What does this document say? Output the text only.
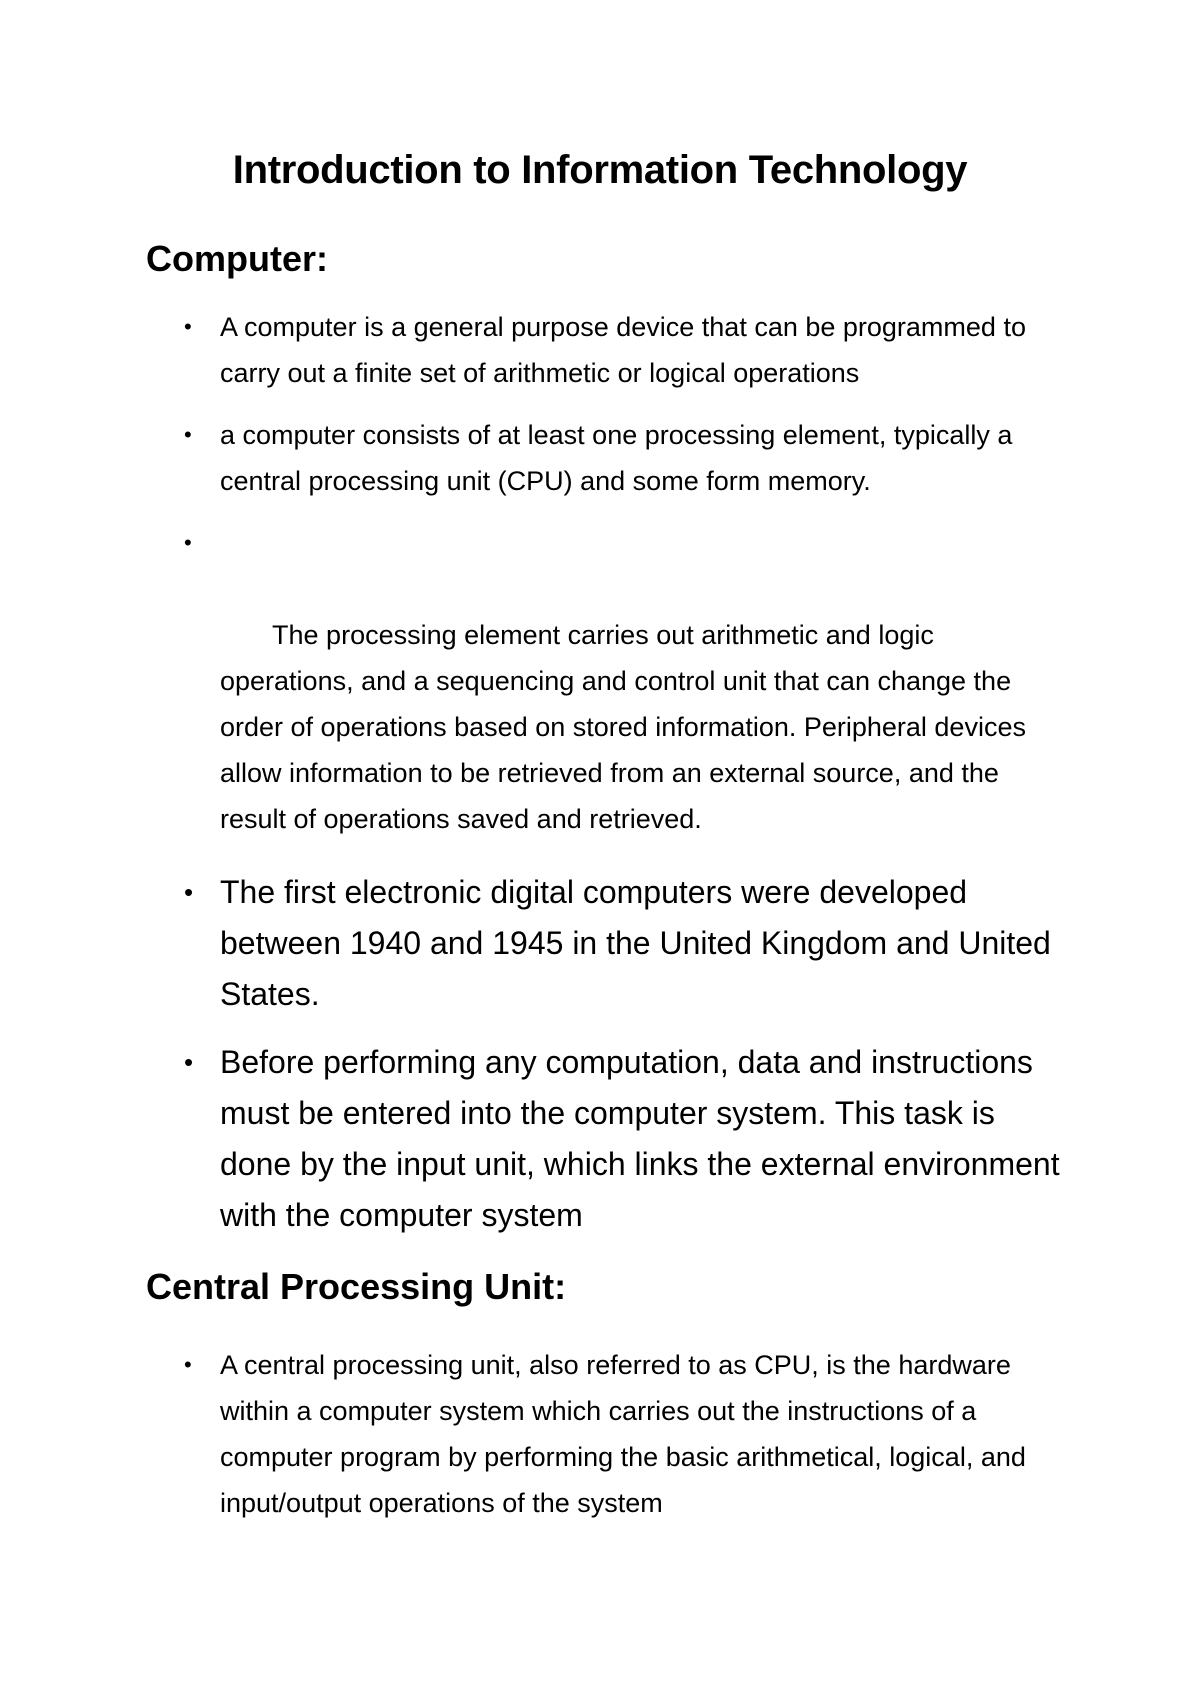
Introduction to Information Technology
Computer:
• A computer is a general purpose device that can be programmed to carry out a finite set of arithmetic or logical operations
• a computer consists of at least one processing element, typically a central processing unit (CPU) and some form memory.

•

The processing element carries out arithmetic and logic operations, and a sequencing and control unit that can change the order of operations based on stored information. Peripheral devices allow information to be retrieved from an external source, and the result of operations saved and retrieved.

• The first electronic digital computers were developed between 1940 and 1945 in the United Kingdom and United States.
• Before performing any computation, data and instructions must be entered into the computer system. This task is done by the input unit, which links the external environment with the computer system
Central Processing Unit:
• A central processing unit, also referred to as CPU, is the hardware within a computer system which carries out the instructions of a computer program by performing the basic arithmetical, logical, and input/output operations of the system
